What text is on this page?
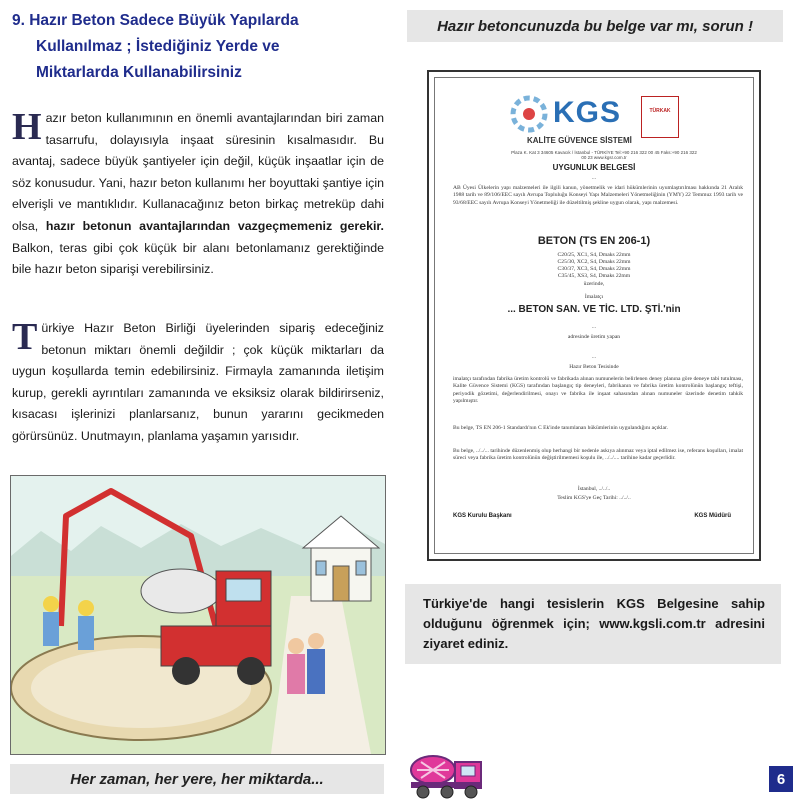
9. Hazır Beton Sadece Büyük Yapılarda
Kullanılmaz ; İstediğiniz Yerde ve
Miktarlarda Kullanabilirsiniz
Hazır beton kullanımının en önemli avantajlarından biri zaman tasarrufu, dolayısıyla inşaat süresinin kısalmasıdır. Bu avantaj, sadece büyük şantiyeler için değil, küçük inşaatlar için de söz konusudur. Yani, hazır beton kullanımı her boyuttaki şantiye için elverişli ve mantıklıdır. Kullanacağınız beton birkaç metreküp dahi olsa, hazır betonun avantajlarından vazgeçmemeniz gerekir. Balkon, teras gibi çok küçük bir alanı betonlamanız gerektiğinde bile hazır beton siparişi verebilirsiniz.
Türkiye Hazır Beton Birliği üyelerinden sipariş edeceğiniz betonun miktarı önemli değildir ; çok küçük miktarları da uygun koşullarda temin edebilirsiniz. Firmayla zamanında iletişim kurup, gerekli ayrıntıları zamanında ve eksiksiz olarak bildirirseniz, kısacası işlerinizi planlarsanız, bunun yararını gecikmeden görürsünüz. Unutmayın, planlama yaşamın yarısıdır.
Her zaman, her yere, her miktarda...
Hazır betoncunuzda bu belge var mı, sorun !
KGS	TÜRKAK
KALİTE GÜVENCE SİSTEMİ
Plaza K. Kat 3 34605 Kavacık / İstanbul - TÜRKİYE Tel:+90 216 322 00 45 Faks:+90 216 322 00 23 www.kgsr.com.tr
UYGUNLUK BELGESİ
...
AB Üyesi Ülkelerin yapı malzemeleri ile ilgili kanun, yönetmelik ve idari hükümlerinin uyumlaştırılması hakkında 21 Aralık 1988 tarih ve 89/106/EEC sayılı Avrupa Topluluğu Konseyi Yapı Malzemeleri Yönetmeliğinin (YMY) 22 Temmuz 1993 tarih ve 93/68/EEC sayılı Avrupa Konseyi Yönetmeliği ile düzeltilmiş şekline uygun olarak, yapı malzemesi.
BETON (TS EN 206-1)
C20/25, XC1, S4, Dmaks 22mm
C25/30, XC2, S4, Dmaks 22mm
C30/37, XC3, S4, Dmaks 22mm
C35/45, XS3, S4, Dmaks 22mm
üzerinde,
İmalatçı
... BETON SAN. VE TİC. LTD. ŞTİ.'nin
...
adresinde üretim yapan
...
Hazır Beton Tesisinde
imalatçı tarafından fabrika üretim kontrolü ve fabrikada alınan numunelerin belirlenen deney planına göre deneye tabi tutulması, Kalite Güvence Sistemi (KGS) tarafından başlangıç tip deneyleri, fabrikanın ve fabrika üretim kontrolünün başlangıç teftişi, periyodik gözetimi, değerlendirilmesi, onayı ve fabrika ile inşaat sahasından alınan numuneler üzerinde denetim tahkik yapılmıştır.
Bu belge, TS EN 206-1 Standardı'nın C Ek'inde tanımlanan hükümlerinin uygulandığını açıklar.
Bu belge, ../../... tarihinde düzenlenmiş olup herhangi bir nedenle askıya alınmaz veya iptal edilmez ise, referans koşulları, imalat süreci veya fabrika üretim kontrolünün değiştirilmemesi koşulu ile, ../../.... tarihine kadar geçerlidir.
İstanbul, ../../..
Teslim KGS'ye Geç Tarihi: ../../..
KGS Kurulu Başkanı	KGS Müdürü
Türkiye'de hangi tesislerin KGS Belgesine sahip olduğunu öğrenmek için; www.kgsli.com.tr adresini ziyaret ediniz.
6
